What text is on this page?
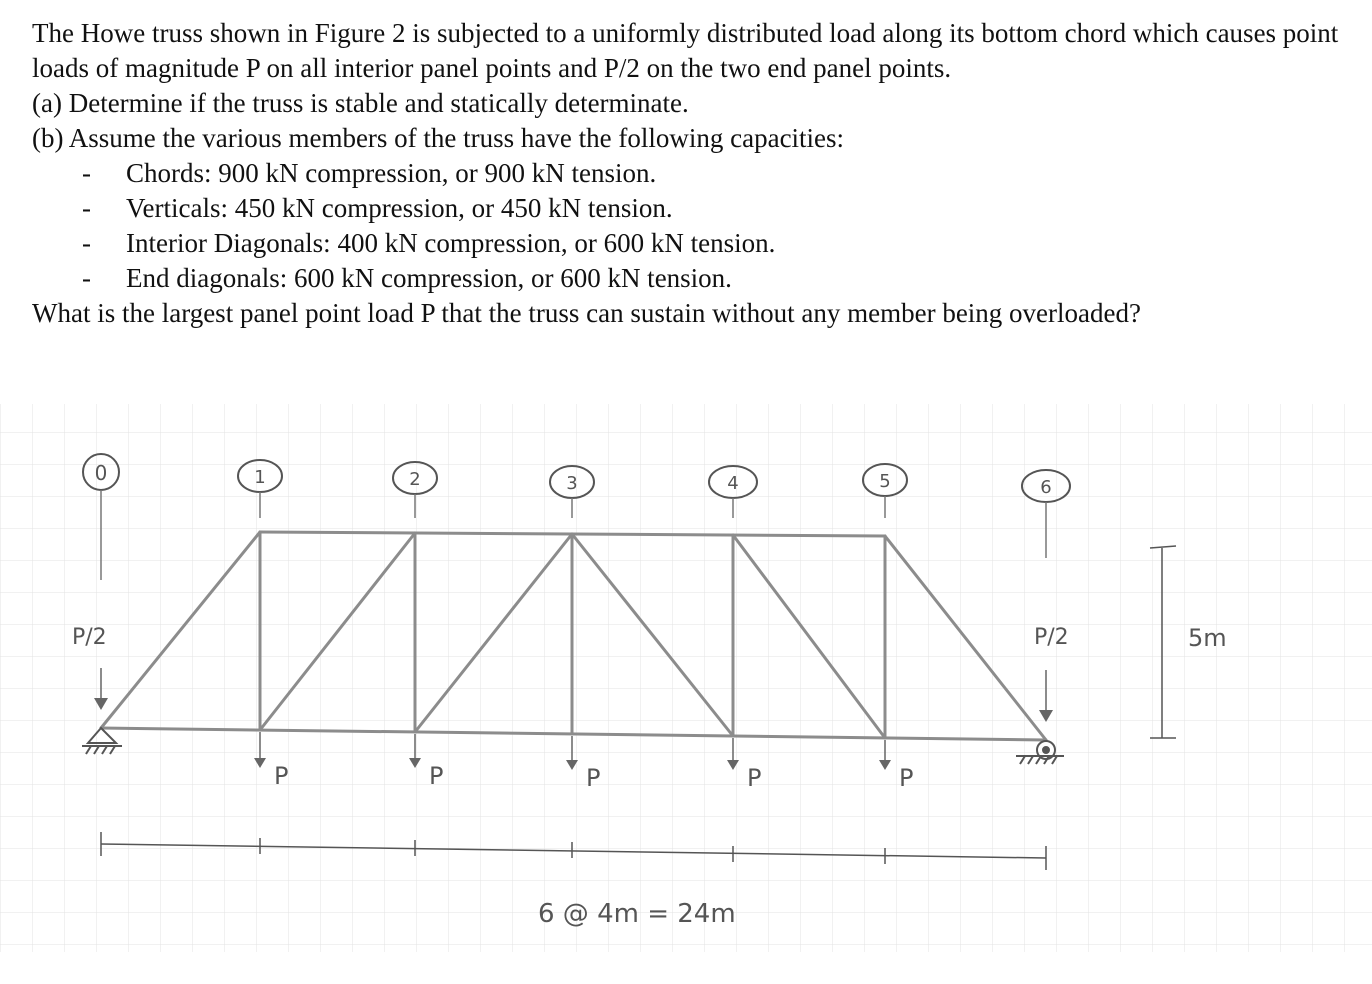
The Howe truss shown in Figure 2 is subjected to a uniformly distributed load along its bottom chord which causes point loads of magnitude P on all interior panel points and P/2 on the two end panel points.

(a) Determine if the truss is stable and statically determinate.

(b) Assume the various members of the truss have the following capacities:

- Chords: 900 kN compression, or 900 kN tension.
- Verticals: 450 kN compression, or 450 kN tension.
- Interior Diagonals: 400 kN compression, or 600 kN tension.
- End diagonals: 600 kN compression, or 600 kN tension.

What is the largest panel point load P that the truss can sustain without any member being overloaded?

0	1	2	3	4	5	6
P/2	P/2
P	P	P	P	P
5m
6 @ 4m = 24m
